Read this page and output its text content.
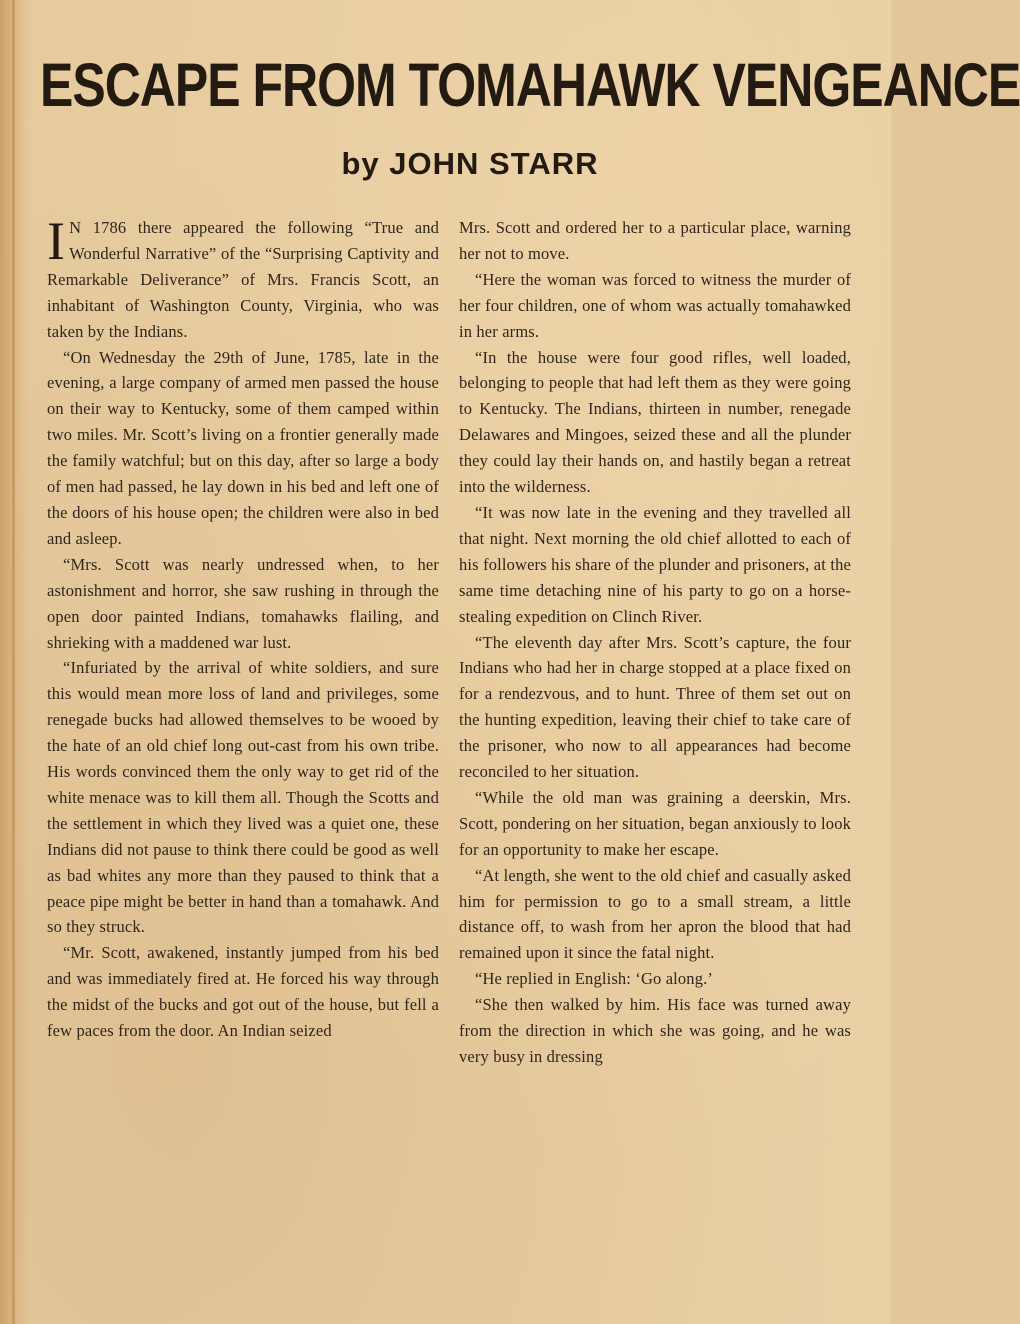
ESCAPE FROM TOMAHAWK VENGEANCE
by JOHN STARR

I N 1786 there appeared the following “True and Wonderful Narrative” of the “Surprising Captivity and Remarkable Deliverance” of Mrs. Francis Scott, an inhabitant of Washington County, Virginia, who was taken by the Indians.

“On Wednesday the 29th of June, 1785, late in the evening, a large company of armed men passed the house on their way to Kentucky, some of them camped within two miles. Mr. Scott’s living on a frontier generally made the family watchful; but on this day, after so large a body of men had passed, he lay down in his bed and left one of the doors of his house open; the children were also in bed and asleep.

“Mrs. Scott was nearly undressed when, to her astonishment and horror, she saw rushing in through the open door painted Indians, tomahawks flailing, and shrieking with a maddened war lust.

“Infuriated by the arrival of white soldiers, and sure this would mean more loss of land and privileges, some renegade bucks had allowed themselves to be wooed by the hate of an old chief long out-cast from his own tribe. His words convinced them the only way to get rid of the white menace was to kill them all. Though the Scotts and the settlement in which they lived was a quiet one, these Indians did not pause to think there could be good as well as bad whites any more than they paused to think that a peace pipe might be better in hand than a tomahawk. And so they struck.

“Mr. Scott, awakened, instantly jumped from his bed and was immediately fired at. He forced his way through the midst of the bucks and got out of the house, but fell a few paces from the door. An Indian seized

Mrs. Scott and ordered her to a particular place, warning her not to move.

“Here the woman was forced to witness the murder of her four children, one of whom was actually tomahawked in her arms.

“In the house were four good rifles, well loaded, belonging to people that had left them as they were going to Kentucky. The Indians, thirteen in number, renegade Delawares and Mingoes, seized these and all the plunder they could lay their hands on, and hastily began a retreat into the wilderness.

“It was now late in the evening and they travelled all that night. Next morning the old chief allotted to each of his followers his share of the plunder and prisoners, at the same time detaching nine of his party to go on a horse-stealing expedition on Clinch River.

“The eleventh day after Mrs. Scott’s capture, the four Indians who had her in charge stopped at a place fixed on for a rendezvous, and to hunt. Three of them set out on the hunting expedition, leaving their chief to take care of the prisoner, who now to all appearances had become reconciled to her situation.

“While the old man was graining a deerskin, Mrs. Scott, pondering on her situation, began anxiously to look for an opportunity to make her escape.

“At length, she went to the old chief and casually asked him for permission to go to a small stream, a little distance off, to wash from her apron the blood that had remained upon it since the fatal night.

“He replied in English: ‘Go along.’

“She then walked by him. His face was turned away from the direction in which she was going, and he was very busy in dressing
